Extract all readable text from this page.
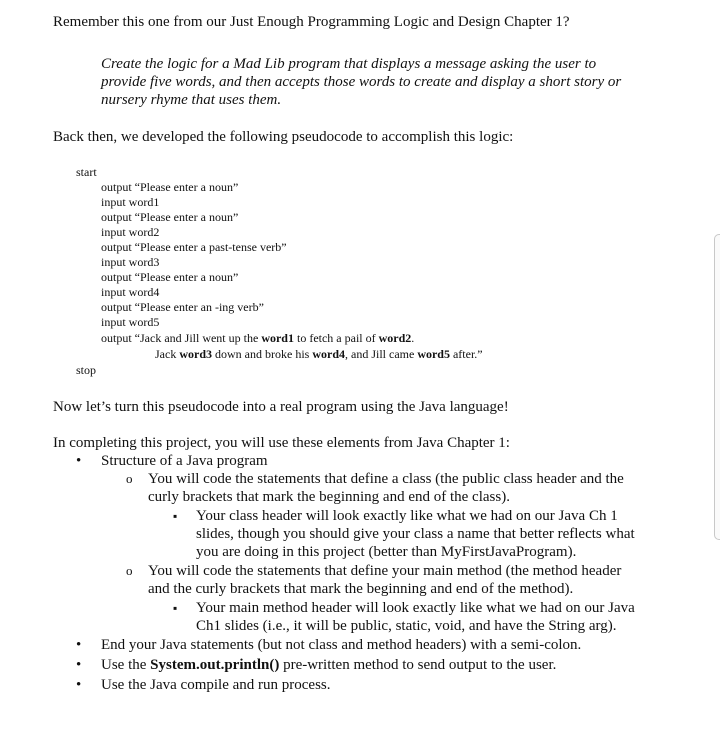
Remember this one from our Just Enough Programming Logic and Design Chapter 1?
Create the logic for a Mad Lib program that displays a message asking the user to
provide five words, and then accepts those words to create and display a short story or
nursery rhyme that uses them.
Back then, we developed the following pseudocode to accomplish this logic:
start
output “Please enter a noun”
input word1
output “Please enter a noun”
input word2
output “Please enter a past-tense verb”
input word3
output “Please enter a noun”
input word4
output “Please enter an -ing verb”
input word5
output “Jack and Jill went up the word1 to fetch a pail of word2.
Jack word3 down and broke his word4, and Jill came word5 after.”
stop
Now let’s turn this pseudocode into a real program using the Java language!
In completing this project, you will use these elements from Java Chapter 1:
• Structure of a Java program
o You will code the statements that define a class (the public class header and the
curly brackets that mark the beginning and end of the class).
▪ Your class header will look exactly like what we had on our Java Ch 1
slides, though you should give your class a name that better reflects what
you are doing in this project (better than MyFirstJavaProgram).
o You will code the statements that define your main method (the method header
and the curly brackets that mark the beginning and end of the method).
▪ Your main method header will look exactly like what we had on our Java
Ch1 slides (i.e., it will be public, static, void, and have the String arg).
• End your Java statements (but not class and method headers) with a semi-colon.
• Use the System.out.println() pre-written method to send output to the user.
• Use the Java compile and run process.
